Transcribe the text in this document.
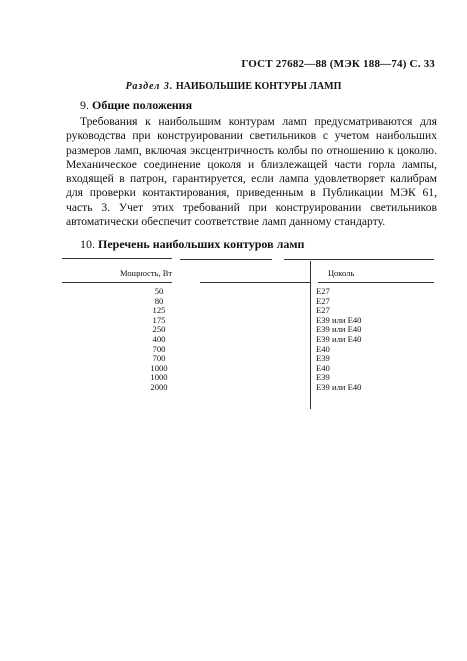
ГОСТ 27682—88 (МЭК 188—74) С. 33
Раздел 3. НАИБОЛЬШИЕ КОНТУРЫ ЛАМП
9. Общие положения
Требования к наибольшим контурам ламп предусматриваются для руководства при конструировании светильников с учетом наибольших размеров ламп, включая эксцентричность колбы по отношению к цоколю. Механическое соединение цоколя и близлежащей части горла лампы, входящей в патрон, гарантируется, если лампа удовлетворяет калибрам для проверки контактирования, приведенным в Публикации МЭК 61, часть 3. Учет этих требований при конструировании светильников автоматически обеспечит соответствие ламп данному стандарту.
10. Перечень наибольших контуров ламп
Мощность, Вт	Цоколь
50	E27
80	E27
125	E27
175	E39 или E40
250	E39 или E40
400	E39 или E40
700	E40
700	E39
1000	E40
1000	E39
2000	E39 или E40
